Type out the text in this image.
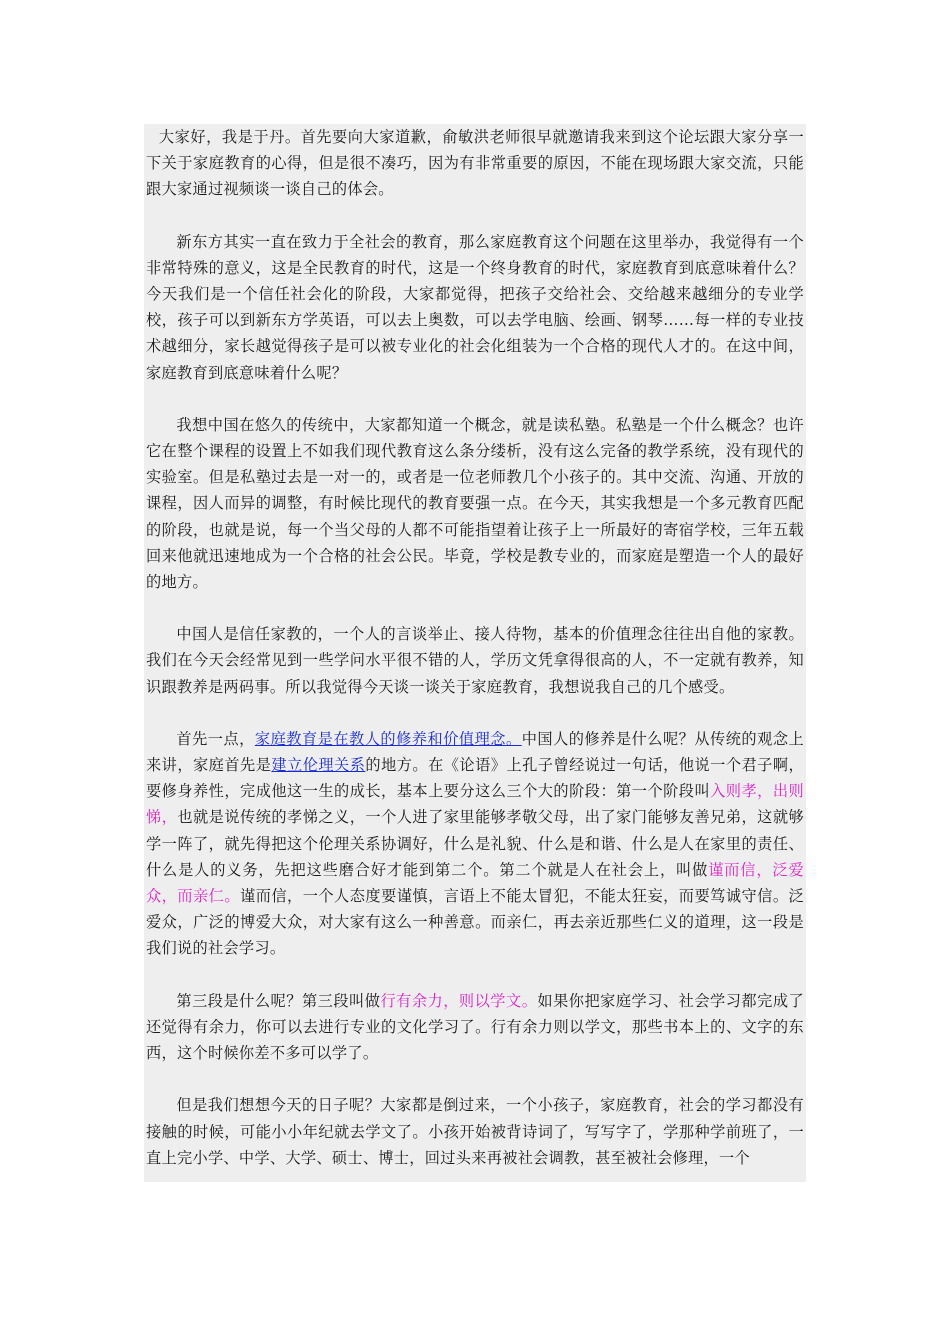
大家好，我是于丹。首先要向大家道歉，俞敏洪老师很早就邀请我来到这个论坛跟大家分享一下关于家庭教育的心得，但是很不凑巧，因为有非常重要的原因，不能在现场跟大家交流，只能跟大家通过视频谈一谈自己的体会。

新东方其实一直在致力于全社会的教育，那么家庭教育这个问题在这里举办，我觉得有一个非常特殊的意义，这是全民教育的时代，这是一个终身教育的时代，家庭教育到底意味着什么？今天我们是一个信任社会化的阶段，大家都觉得，把孩子交给社会、交给越来越细分的专业学校，孩子可以到新东方学英语，可以去上奥数，可以去学电脑、绘画、钢琴……每一样的专业技术越细分，家长越觉得孩子是可以被专业化的社会化组装为一个合格的现代人才的。在这中间，家庭教育到底意味着什么呢？

我想中国在悠久的传统中，大家都知道一个概念，就是读私塾。私塾是一个什么概念？也许它在整个课程的设置上不如我们现代教育这么条分缕析，没有这么完备的教学系统，没有现代的实验室。但是私塾过去是一对一的，或者是一位老师教几个小孩子的。其中交流、沟通、开放的课程，因人而异的调整，有时候比现代的教育要强一点。在今天，其实我想是一个多元教育匹配的阶段，也就是说，每一个当父母的人都不可能指望着让孩子上一所最好的寄宿学校，三年五载回来他就迅速地成为一个合格的社会公民。毕竟，学校是教专业的，而家庭是塑造一个人的最好的地方。

中国人是信任家教的，一个人的言谈举止、接人待物，基本的价值理念往往出自他的家教。我们在今天会经常见到一些学问水平很不错的人，学历文凭拿得很高的人，不一定就有教养，知识跟教养是两码事。所以我觉得今天谈一谈关于家庭教育，我想说我自己的几个感受。

首先一点，家庭教育是在教人的修养和价值理念。中国人的修养是什么呢？从传统的观念上来讲，家庭首先是建立伦理关系的地方。在《论语》上孔子曾经说过一句话，他说一个君子啊，要修身养性，完成他这一生的成长，基本上要分这么三个大的阶段：第一个阶段叫入则孝，出则悌，也就是说传统的孝悌之义，一个人进了家里能够孝敬父母，出了家门能够友善兄弟，这就够学一阵了，就先得把这个伦理关系协调好，什么是礼貌、什么是和谐、什么是人在家里的责任、什么是人的义务，先把这些磨合好才能到第二个。第二个就是人在社会上，叫做谨而信，泛爱众，而亲仁。谨而信，一个人态度要谨慎，言语上不能太冒犯，不能太狂妄，而要笃诚守信。泛爱众，广泛的博爱大众，对大家有这么一种善意。而亲仁，再去亲近那些仁义的道理，这一段是我们说的社会学习。

第三段是什么呢？第三段叫做行有余力，则以学文。如果你把家庭学习、社会学习都完成了还觉得有余力，你可以去进行专业的文化学习了。行有余力则以学文，那些书本上的、文字的东西，这个时候你差不多可以学了。

但是我们想想今天的日子呢？大家都是倒过来，一个小孩子，家庭教育，社会的学习都没有接触的时候，可能小小年纪就去学文了。小孩开始被背诗词了，写写字了，学那种学前班了，一直上完小学、中学、大学、硕士、博士，回过头来再被社会调教，甚至被社会修理，一个
